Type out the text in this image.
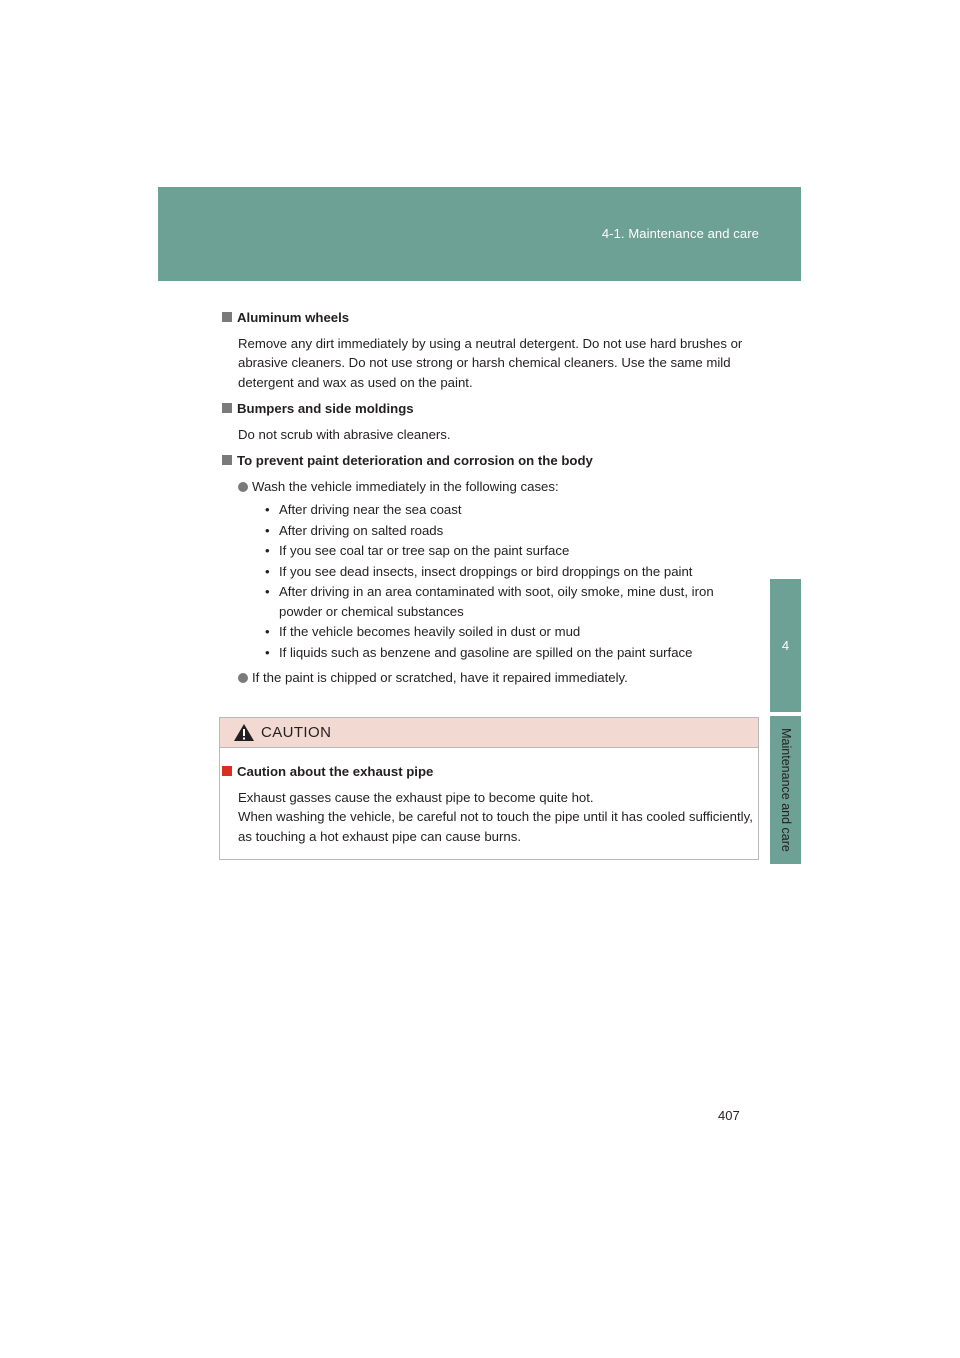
4-1. Maintenance and care
4
Maintenance and care
Aluminum wheels
Remove any dirt immediately by using a neutral detergent. Do not use hard brushes or abrasive cleaners. Do not use strong or harsh chemical cleaners. Use the same mild detergent and wax as used on the paint.
Bumpers and side moldings
Do not scrub with abrasive cleaners.
To prevent paint deterioration and corrosion on the body
Wash the vehicle immediately in the following cases:
• After driving near the sea coast
• After driving on salted roads
• If you see coal tar or tree sap on the paint surface
• If you see dead insects, insect droppings or bird droppings on the paint
• After driving in an area contaminated with soot, oily smoke, mine dust, iron powder or chemical substances
• If the vehicle becomes heavily soiled in dust or mud
• If liquids such as benzene and gasoline are spilled on the paint surface
If the paint is chipped or scratched, have it repaired immediately.
CAUTION
Caution about the exhaust pipe
Exhaust gasses cause the exhaust pipe to become quite hot.
When washing the vehicle, be careful not to touch the pipe until it has cooled sufficiently, as touching a hot exhaust pipe can cause burns.
407
